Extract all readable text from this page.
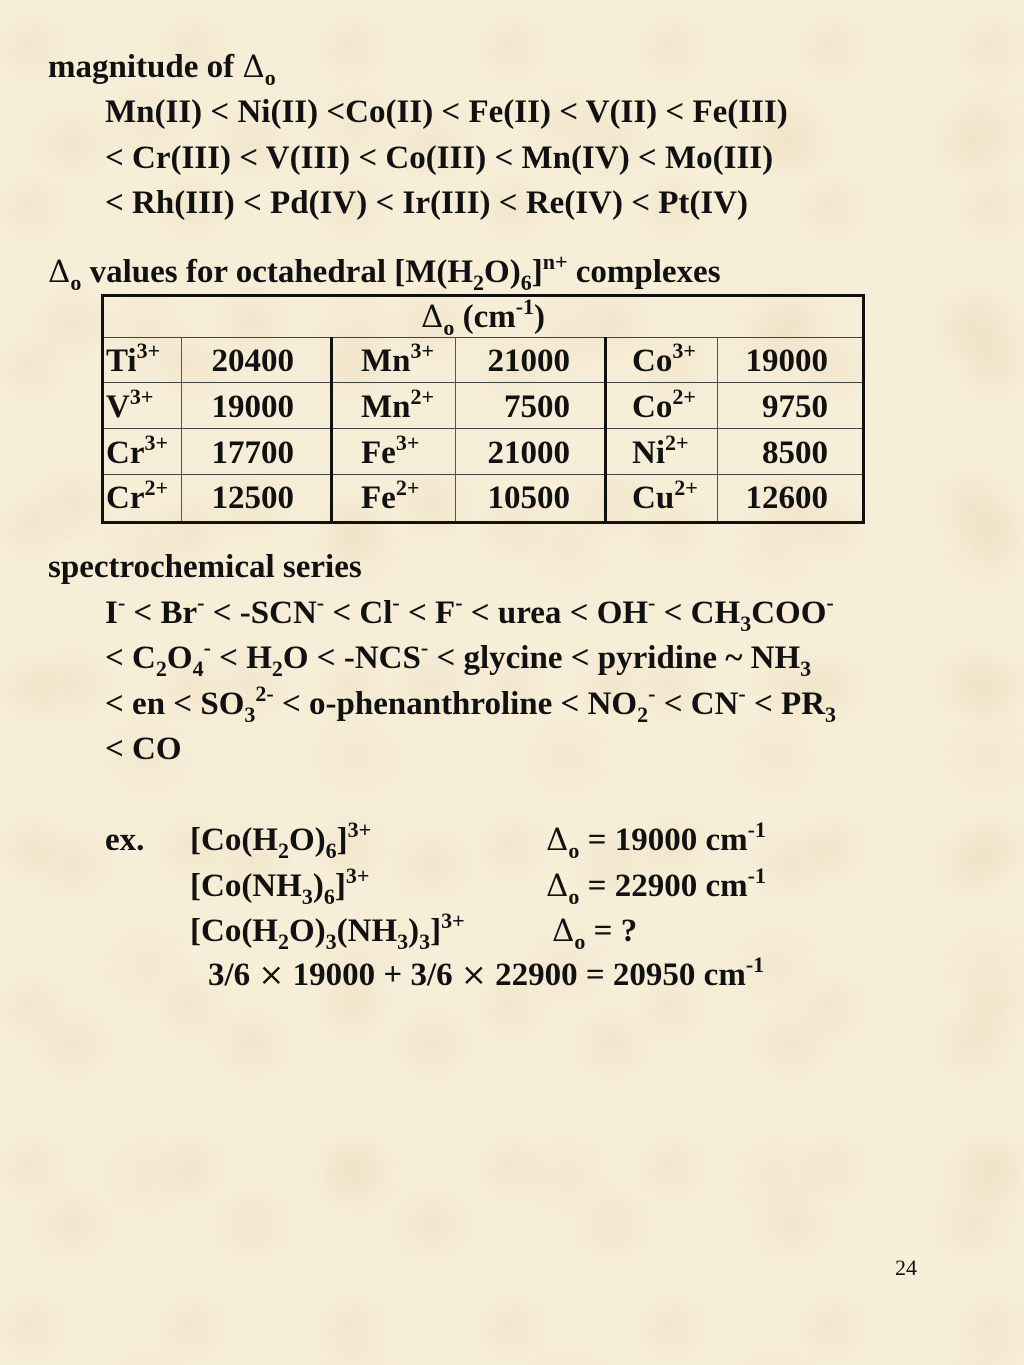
magnitude of $\Delta_o$
Mn(II) < Ni(II) <Co(II) < Fe(II) < V(II) < Fe(III)
< Cr(III) < V(III) < Co(III) < Mn(IV) < Mo(III)
< Rh(III) < Pd(IV) < Ir(III) < Re(IV) < Pt(IV)
$\Delta_o$ values for octahedral $[M(H_2O)_6]^{n+}$ complexes
$\Delta_o$ $(cm^{-1})$
$Ti^{3+}$	20400 $Mn^{3+}$	21000 $Co^{3+}$	19000
$V^{3+}$	19000 $Mn^{2+}$	7500 $Co^{2+}$	9750
$Cr^{3+}$	17700 $Fe^{3+}$	21000 $Ni^{2+}$	8500
$Cr^{2+}$	12500 $Fe^{2+}$	10500 $Cu^{2+}$	12600
spectrochemical series
I- < Br- < -SCN- < Cl- < F- < urea < $OH^- < CH_3COO^-$
< $C_2O_4^- < H_2O < -NCS^-$ < glycine < pyridine ~ $NH_3$
< en < $SO_3^{2-}$ < o-phenanthroline < $NO_2^- < CN^- < PR_3$
< CO
ex. $[Co(H_2O)_6]^{3+}$	$\Delta_o = 19000$ $cm^{-1}$
$[Co(NH_3)_6]^{3+}$	$\Delta_o = 22900$ $cm^{-1}$
$[Co(H_2O)_3(NH_3)_3]^{3+}$	$\Delta_o$ = ?
3/6 × 19000 + 3/6 × 22900 = 20950 $cm^{-1}$
24
